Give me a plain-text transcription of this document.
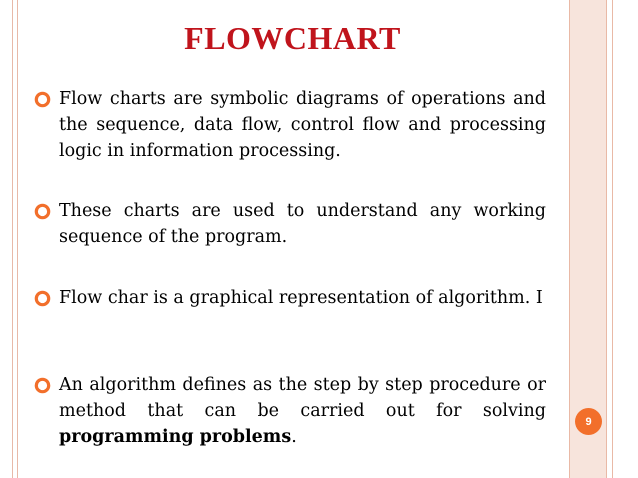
FLOWCHART
Flow charts are symbolic diagrams of operations and the sequence, data flow, control flow and processing logic in information processing.
These charts are used to understand any working sequence of the program.
Flow char is a graphical representation of algorithm. I
An algorithm defines as the step by step procedure or method that can be carried out for solving programming problems.
9
